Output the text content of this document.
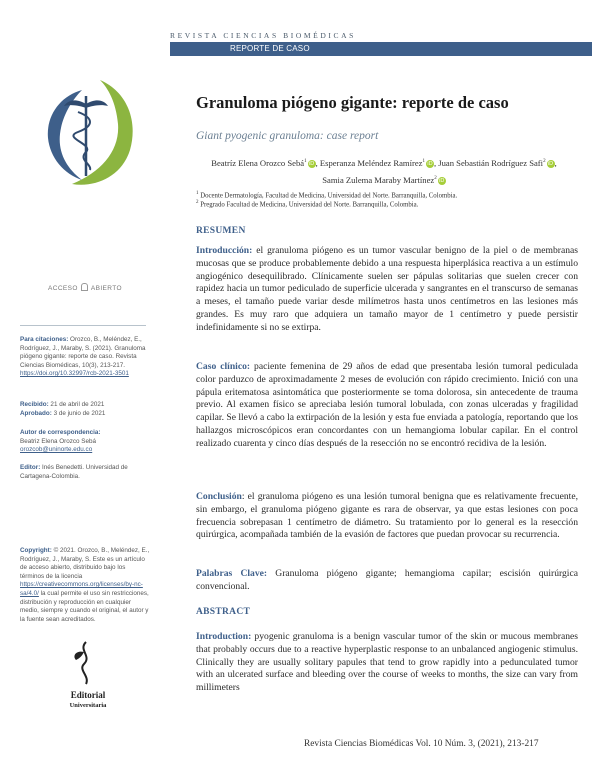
REVISTA CIENCIAS BIOMÉDICAS
REPORTE DE CASO
Granuloma piógeno gigante: reporte de caso
Giant pyogenic granuloma: case report
Beatríz Elena Orozco Sebá$^1$ iD, Esperanza Meléndez Ramírez$^1$ iD, Juan Sebastián Rodríguez Safi$^2$ iD, Samia Zulema Maraby Martínez$^2$ iD
$^1$ Docente Dermatología, Facultad de Medicina, Universidad del Norte. Barranquilla, Colombia.
$^2$ Pregrado Facultad de Medicina, Universidad del Norte. Barranquilla, Colombia.
RESUMEN

Introducción: el granuloma piógeno es un tumor vascular benigno de la piel o de membranas mucosas que se produce probablemente debido a una respuesta hiperplásica reactiva a un estímulo angiogénico desequilibrado. Clínicamente suelen ser pápulas solitarias que suelen crecer con rapidez hacia un tumor pediculado de superficie ulcerada y sangrantes en el transcurso de semanas a meses, el tamaño puede variar desde milímetros hasta unos centímetros en las lesiones más grandes. Es muy raro que adquiera un tamaño mayor de 1 centímetro y puede persistir indefinidamente si no se extirpa.

Caso clínico: paciente femenina de 29 años de edad que presentaba lesión tumoral pediculada color parduzco de aproximadamente 2 meses de evolución con rápido crecimiento. Inició con una pápula eritematosa asintomática que posteriormente se toma dolorosa, sin antecedente de trauma previo. Al examen físico se apreciaba lesión tumoral lobulada, con zonas ulceradas y fragilidad capilar. Se llevó a cabo la extirpación de la lesión y esta fue enviada a patología, reportando que los hallazgos microscópicos eran concordantes con un hemangioma lobular capilar. En el control realizado cuarenta y cinco días después de la resección no se encontró recidiva de la lesión.

Conclusión: el granuloma piógeno es una lesión tumoral benigna que es relativamente frecuente, sin embargo, el granuloma piógeno gigante es rara de observar, ya que estas lesiones con poca frecuencia sobrepasan 1 centímetro de diámetro. Su tratamiento por lo general es la resección quirúrgica, acompañada también de la evasión de factores que puedan provocar su recurrencia.

Palabras Clave: Granuloma piógeno gigante; hemangioma capilar; escisión quirúrgica convencional.

ABSTRACT

Introduction: pyogenic granuloma is a benign vascular tumor of the skin or mucous membranes that probably occurs due to a reactive hyperplastic response to an unbalanced angiogenic stimulus. Clinically they are usually solitary papules that tend to grow rapidly into a pedunculated tumor with an ulcerated surface and bleeding over the course of weeks to months, the size can vary from millimeters

ACCESO ABIERTO
Para citaciones: Orozco, B., Meléndez, E., Rodríguez, J., Maraby, S. (2021). Granuloma piógeno gigante: reporte de caso. Revista Ciencias Biomédicas, 10(3), 213-217. https://doi.org/10.32997/rcb-2021-3501
Recibido: 21 de abril de 2021
Aprobado: 3 de junio de 2021
Autor de correspondencia:
Beatriz Elena Orozco Sebá
orozcob@uninorte.edu.co
Editor: Inés Benedetti. Universidad de Cartagena-Colombia.
Copyright: © 2021. Orozco, B., Meléndez, E., Rodríguez, J., Maraby, S. Este es un artículo de acceso abierto, distribuido bajo los términos de la licencia https://creativecommons.org/licenses/by-nc-sa/4.0/ la cual permite el uso sin restricciones, distribución y reproducción en cualquier medio, siempre y cuando el original, el autor y la fuente sean acreditados.
Editorial
Universitaria
Revista Ciencias Biomédicas Vol. 10 Núm. 3, (2021), 213-217
